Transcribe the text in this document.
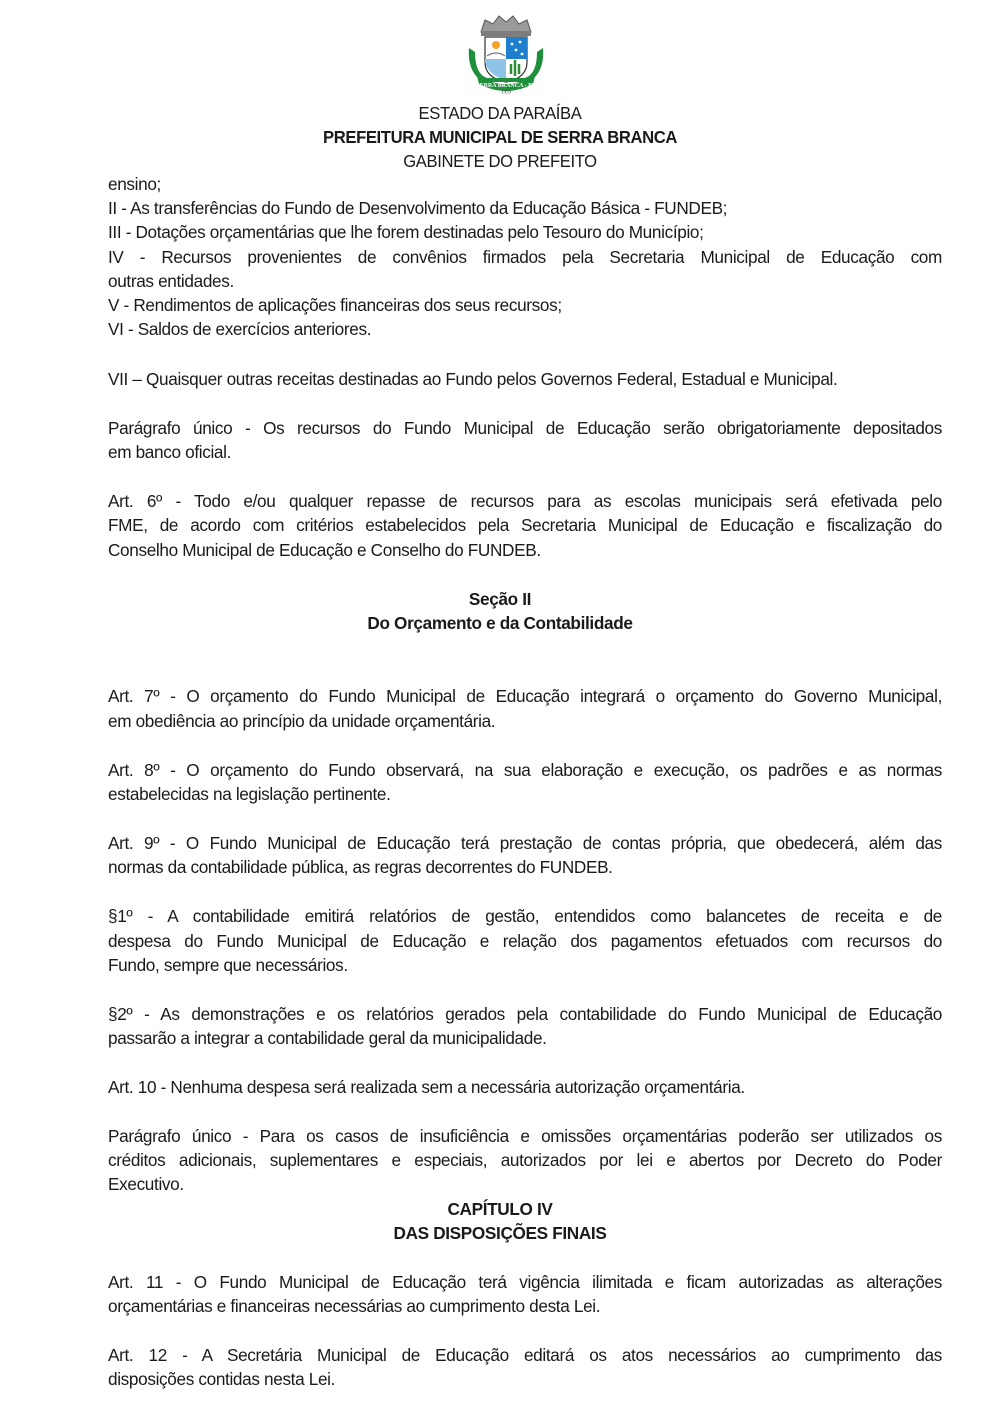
SERRA BRANCA - PB
1959
ESTADO DA PARAÍBA
PREFEITURA MUNICIPAL DE SERRA BRANCA
GABINETE DO PREFEITO
ensino;
II - As transferências do Fundo de Desenvolvimento da Educação Básica - FUNDEB;
III - Dotações orçamentárias que lhe forem destinadas pelo Tesouro do Município;
IV - Recursos provenientes de convênios firmados pela Secretaria Municipal de Educação com
outras entidades.
V - Rendimentos de aplicações financeiras dos seus recursos;
VI - Saldos de exercícios anteriores.
VII – Quaisquer outras receitas destinadas ao Fundo pelos Governos Federal, Estadual e Municipal.
Parágrafo único - Os recursos do Fundo Municipal de Educação serão obrigatoriamente depositados
em banco oficial.
Art. 6º - Todo e/ou qualquer repasse de recursos para as escolas municipais será efetivada pelo
FME, de acordo com critérios estabelecidos pela Secretaria Municipal de Educação e fiscalização do
Conselho Municipal de Educação e Conselho do FUNDEB.
Seção II
Do Orçamento e da Contabilidade
Art. 7º - O orçamento do Fundo Municipal de Educação integrará o orçamento do Governo Municipal,
em obediência ao princípio da unidade orçamentária.
Art. 8º - O orçamento do Fundo observará, na sua elaboração e execução, os padrões e as normas
estabelecidas na legislação pertinente.
Art. 9º - O Fundo Municipal de Educação terá prestação de contas própria, que obedecerá, além das
normas da contabilidade pública, as regras decorrentes do FUNDEB.
§1º - A contabilidade emitirá relatórios de gestão, entendidos como balancetes de receita e de
despesa do Fundo Municipal de Educação e relação dos pagamentos efetuados com recursos do
Fundo, sempre que necessários.
§2º - As demonstrações e os relatórios gerados pela contabilidade do Fundo Municipal de Educação
passarão a integrar a contabilidade geral da municipalidade.
Art. 10 - Nenhuma despesa será realizada sem a necessária autorização orçamentária.
Parágrafo único - Para os casos de insuficiência e omissões orçamentárias poderão ser utilizados os
créditos adicionais, suplementares e especiais, autorizados por lei e abertos por Decreto do Poder
Executivo.
CAPÍTULO IV
DAS DISPOSIÇÕES FINAIS
Art. 11 - O Fundo Municipal de Educação terá vigência ilimitada e ficam autorizadas as alterações
orçamentárias e financeiras necessárias ao cumprimento desta Lei.
Art. 12 - A Secretária Municipal de Educação editará os atos necessários ao cumprimento das
disposições contidas nesta Lei.
